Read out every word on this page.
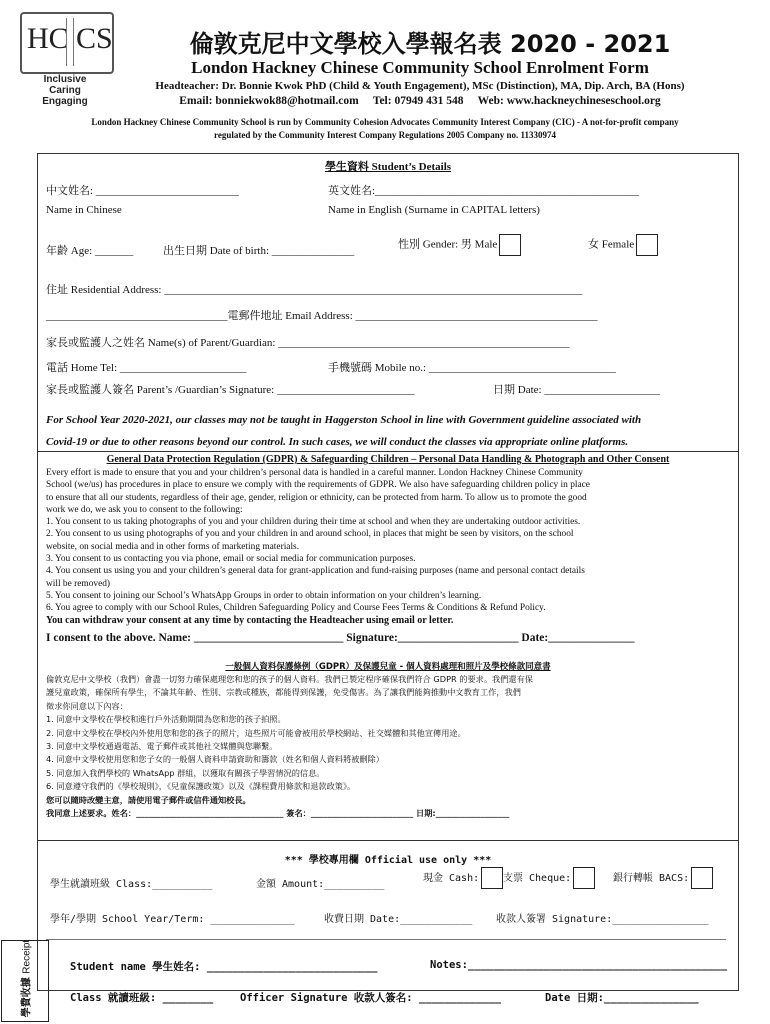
HC CS
Inclusive
Caring
Engaging
倫敦克尼中文學校入學報名表 2020 - 2021
London Hackney Chinese Community School Enrolment Form
Headteacher: Dr. Bonnie Kwok PhD (Child & Youth Engagement), MSc (Distinction), MA, Dip. Arch, BA (Hons)
Email: bonniekwok88@hotmail.com     Tel: 07949 431 548     Web: www.hackneychineseschool.org
London Hackney Chinese Community School is run by Community Cohesion Advocates Community Interest Company (CIC) - A not-for-profit company
regulated by the Community Interest Company Regulations 2005 Company no. 11330974
學生資料 Student’s Details
中文姓名: __________________________	英文姓名:________________________________________________
Name in Chinese	Name in English (Surname in CAPITAL letters)
年齡 Age: _______	出生日期 Date of birth: _______________
性別 Gender: 男 Male	女 Female
住址 Residential Address: ____________________________________________________________________________
_________________________________電郵件地址 Email Address: ____________________________________________
家長或監護人之姓名 Name(s) of Parent/Guardian: _____________________________________________________
電話 Home Tel: _______________________	手機號碼 Mobile no.: __________________________________
家長或監護人簽名 Parent’s /Guardian’s Signature: _________________________	日期 Date: _____________________
For School Year 2020-2021, our classes may not be taught in Haggerston School in line with Government guideline associated with
Covid-19 or due to other reasons beyond our control. In such cases, we will conduct the classes via appropriate online platforms.
General Data Protection Regulation (GDPR) & Safeguarding Children – Personal Data Handling & Photograph and Other Consent
Every effort is made to ensure that you and your children’s personal data is handled in a careful manner. London Hackney Chinese Community
School (we/us) has procedures in place to ensure we comply with the requirements of GDPR. We also have safeguarding children policy in place
to ensure that all our students, regardless of their age, gender, religion or ethnicity, can be protected from harm. To allow us to promote the good
work we do, we ask you to consent to the following:
1. You consent to us taking photographs of you and your children during their time at school and when they are undertaking outdoor activities.
2. You consent to us using photographs of you and your children in and around school, in places that might be seen by visitors, on the school
website, on social media and in other forms of marketing materials.
3. You consent to us contacting you via phone, email or social media for communication purposes.
4. You consent us using you and your children’s general data for grant-application and fund-raising purposes (name and personal contact details
will be removed)
5. You consent to joining our School’s WhatsApp Groups in order to obtain information on your children’s learning.
6. You agree to comply with our School Rules, Children Safeguarding Policy and Course Fees Terms & Conditions & Refund Policy.
You can withdraw your consent at any time by contacting the Headteacher using email or letter.
I consent to the above. Name: __________________________ Signature:_____________________ Date:_______________
一般個人資料保護條例（GDPR）及保護兒童 - 個人資料處理和照片及學校條款同意書
倫敦克尼中文學校（我們）會盡一切努力確保處理您和您的孩子的個人資料。我們已製定程序確保我們符合 GDPR 的要求。我們還有保
護兒童政策，確保所有學生，不論其年齡、性別、宗教或種族，都能得到保護，免受傷害。為了讓我們能夠推動中文教育工作，我們
徵求你同意以下內容：
1. 同意中文學校在學校和進行戶外活動期間為您和您的孩子拍照。
2. 同意中文學校在學校內外使用您和您的孩子的照片，這些照片可能會被用於學校網站、社交媒體和其他宣傳用途。
3. 同意中文學校通過電話、電子郵件或其他社交媒體與您聯繫。
4. 同意中文學校使用您和您子女的一般個人資料申請資助和籌款（姓名和個人資料將被刪除）
5. 同意加入我們學校的 WhatsApp 群組，以獲取有關孩子學習情況的信息。
6. 同意遵守我們的《學校規則》，《兒童保護政策》以及《課程費用條款和退款政策》。
您可以隨時改變主意，請使用電子郵件或信件通知校長。
我同意上述要求。姓名：____________________________________ 簽名：_________________________ 日期:__________________
*** 學校專用欄 Official use only ***
學生就讀班級 Class:__________	金額 Amount:__________
現金 Cash:	支票 Cheque:	銀行轉帳 BACS:
學年/學期 School Year/Term: ______________	收費日期 Date:____________ 收款人簽署 Signature:________________
學費收據 Receipt	Student name 學生姓名: ___________________________	Notes:_________________________________________
Class 就讀班級: ________	Officer Signature 收款人簽名: _____________	Date 日期:_______________
